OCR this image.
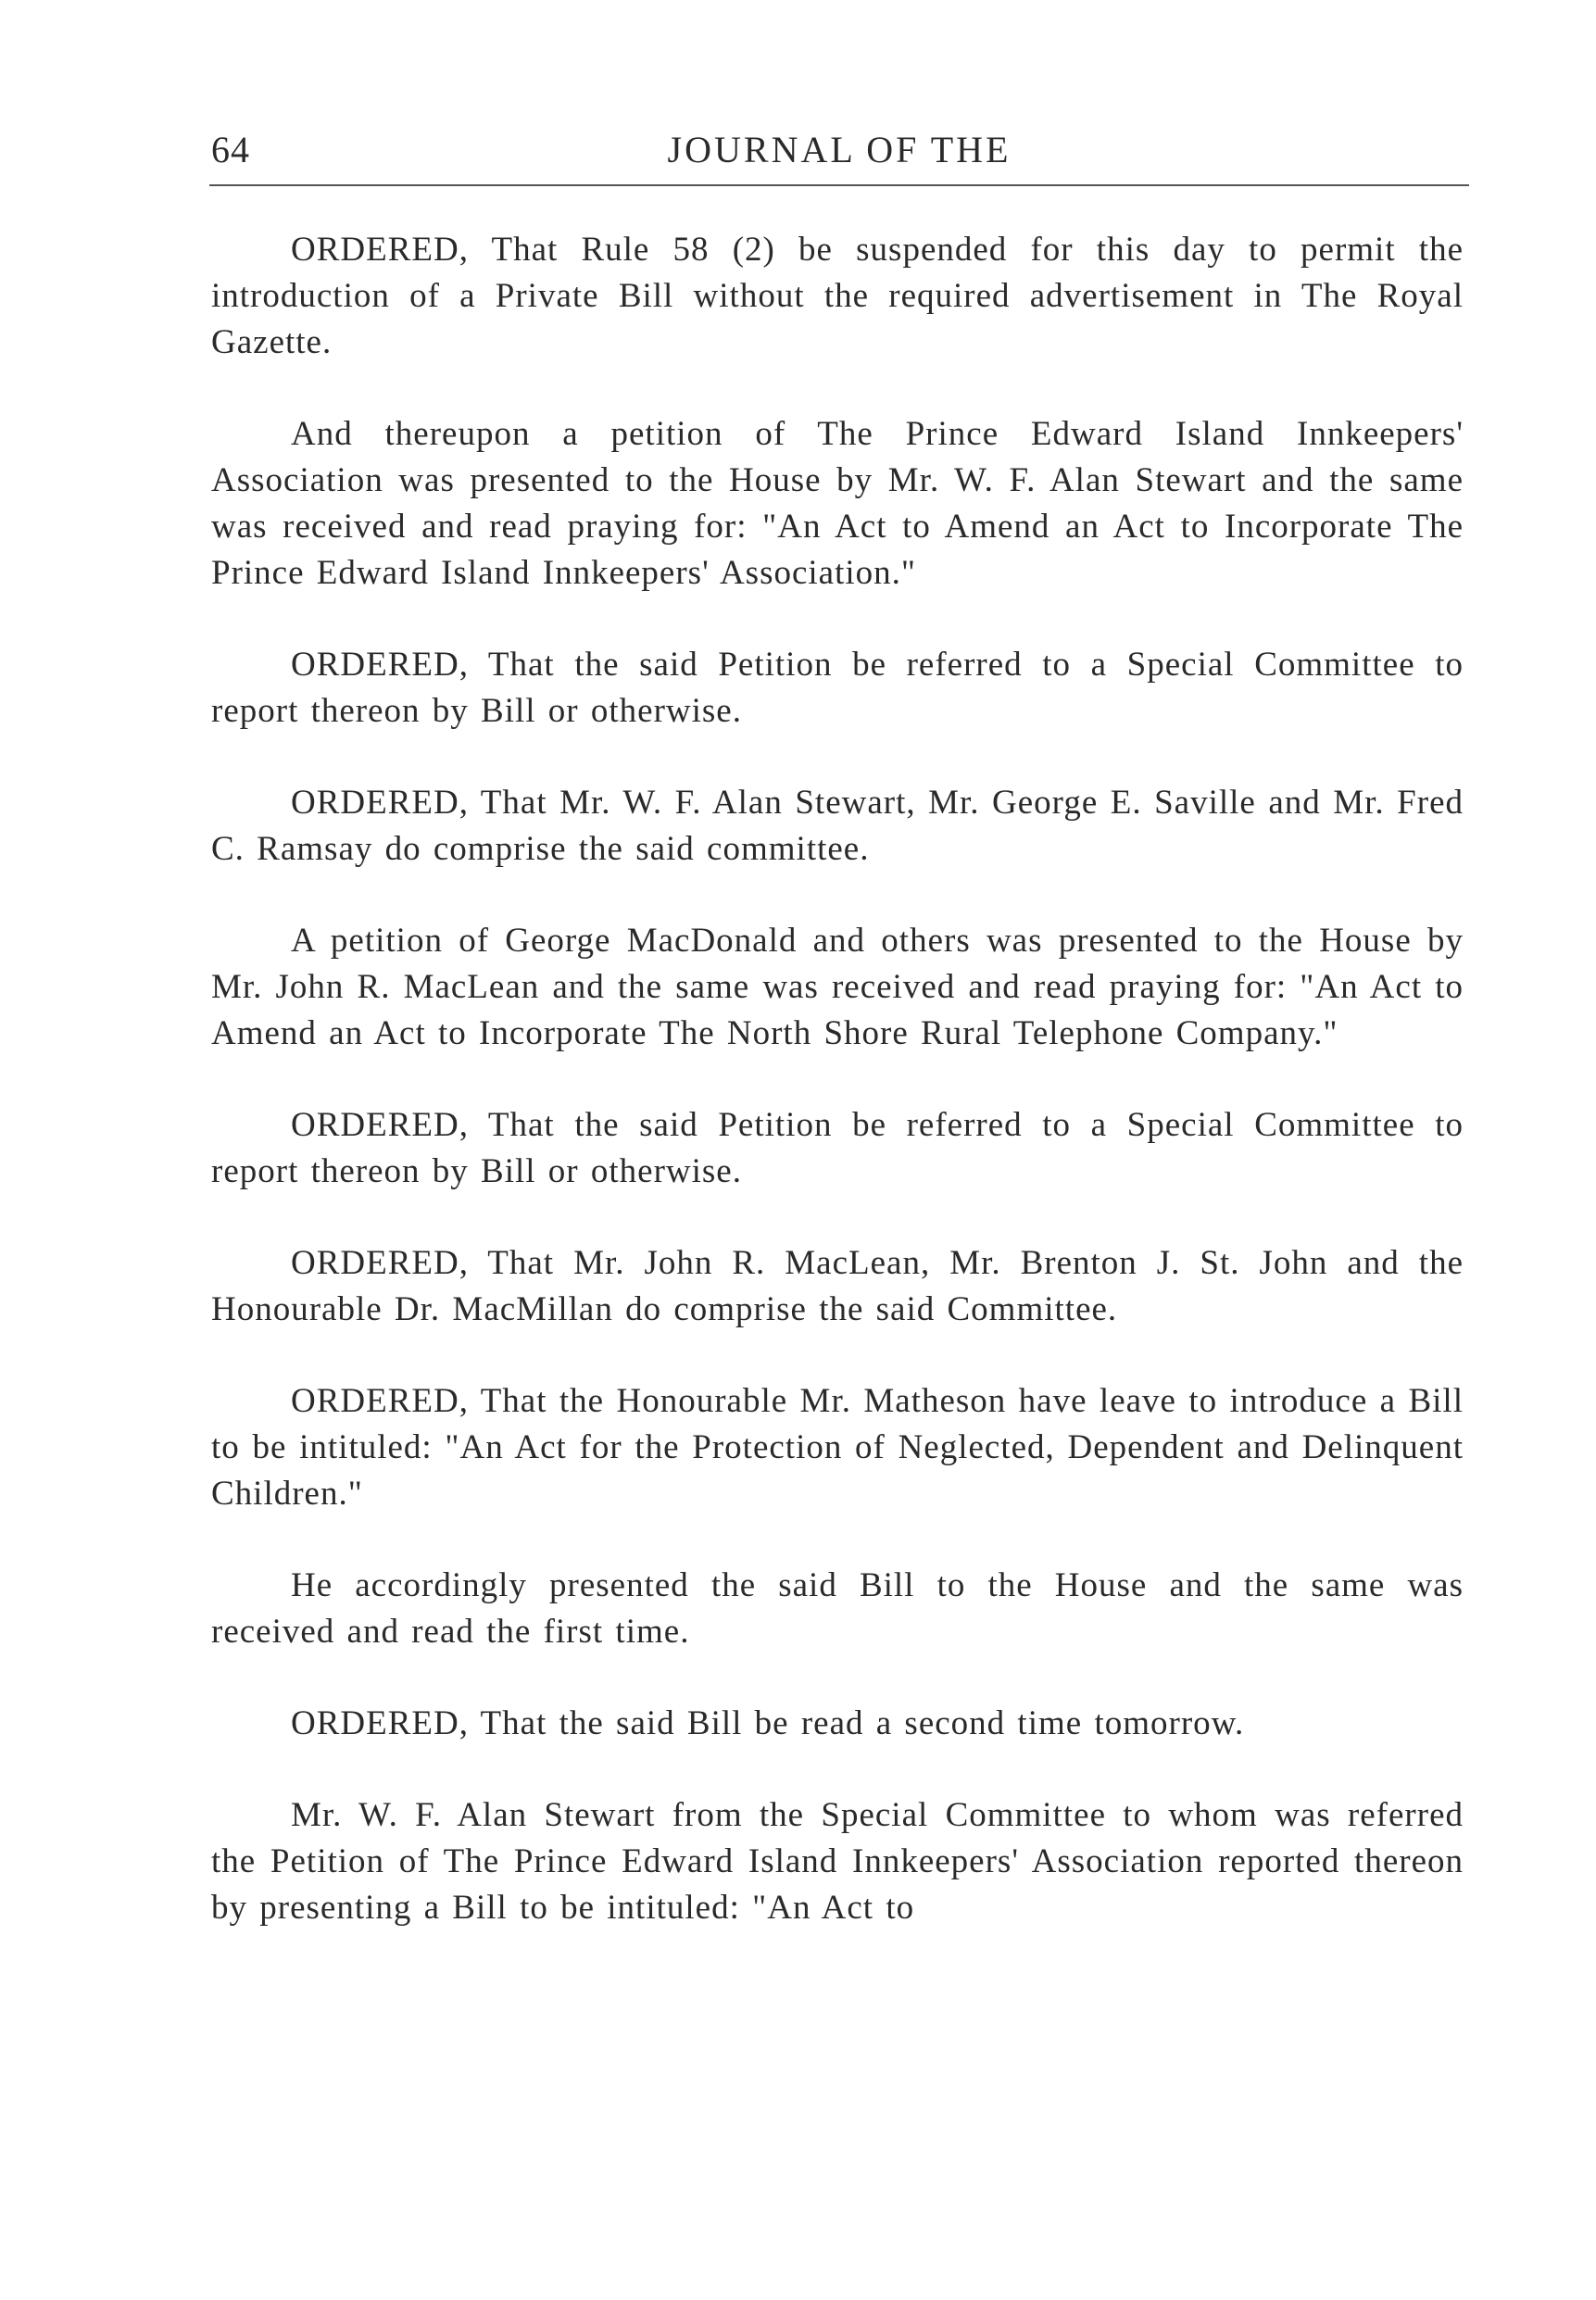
64	JOURNAL OF THE

ORDERED, That Rule 58 (2) be suspended for this day to permit the introduction of a Private Bill without the required advertisement in The Royal Gazette.

And thereupon a petition of The Prince Edward Island Innkeepers' Association was presented to the House by Mr. W. F. Alan Stewart and the same was received and read praying for: "An Act to Amend an Act to Incorporate The Prince Edward Island Innkeepers' Association."

ORDERED, That the said Petition be referred to a Special Committee to report thereon by Bill or otherwise.

ORDERED, That Mr. W. F. Alan Stewart, Mr. George E. Saville and Mr. Fred C. Ramsay do comprise the said committee.

A petition of George MacDonald and others was presented to the House by Mr. John R. MacLean and the same was received and read praying for: "An Act to Amend an Act to Incorporate The North Shore Rural Telephone Company."

ORDERED, That the said Petition be referred to a Special Committee to report thereon by Bill or otherwise.

ORDERED, That Mr. John R. MacLean, Mr. Brenton J. St. John and the Honourable Dr. MacMillan do comprise the said Committee.

ORDERED, That the Honourable Mr. Matheson have leave to introduce a Bill to be intituled: "An Act for the Protection of Neglected, Dependent and Delinquent Children."

He accordingly presented the said Bill to the House and the same was received and read the first time.

ORDERED, That the said Bill be read a second time tomorrow.

Mr. W. F. Alan Stewart from the Special Committee to whom was referred the Petition of The Prince Edward Island Innkeepers' Association reported thereon by presenting a Bill to be intituled: "An Act to
